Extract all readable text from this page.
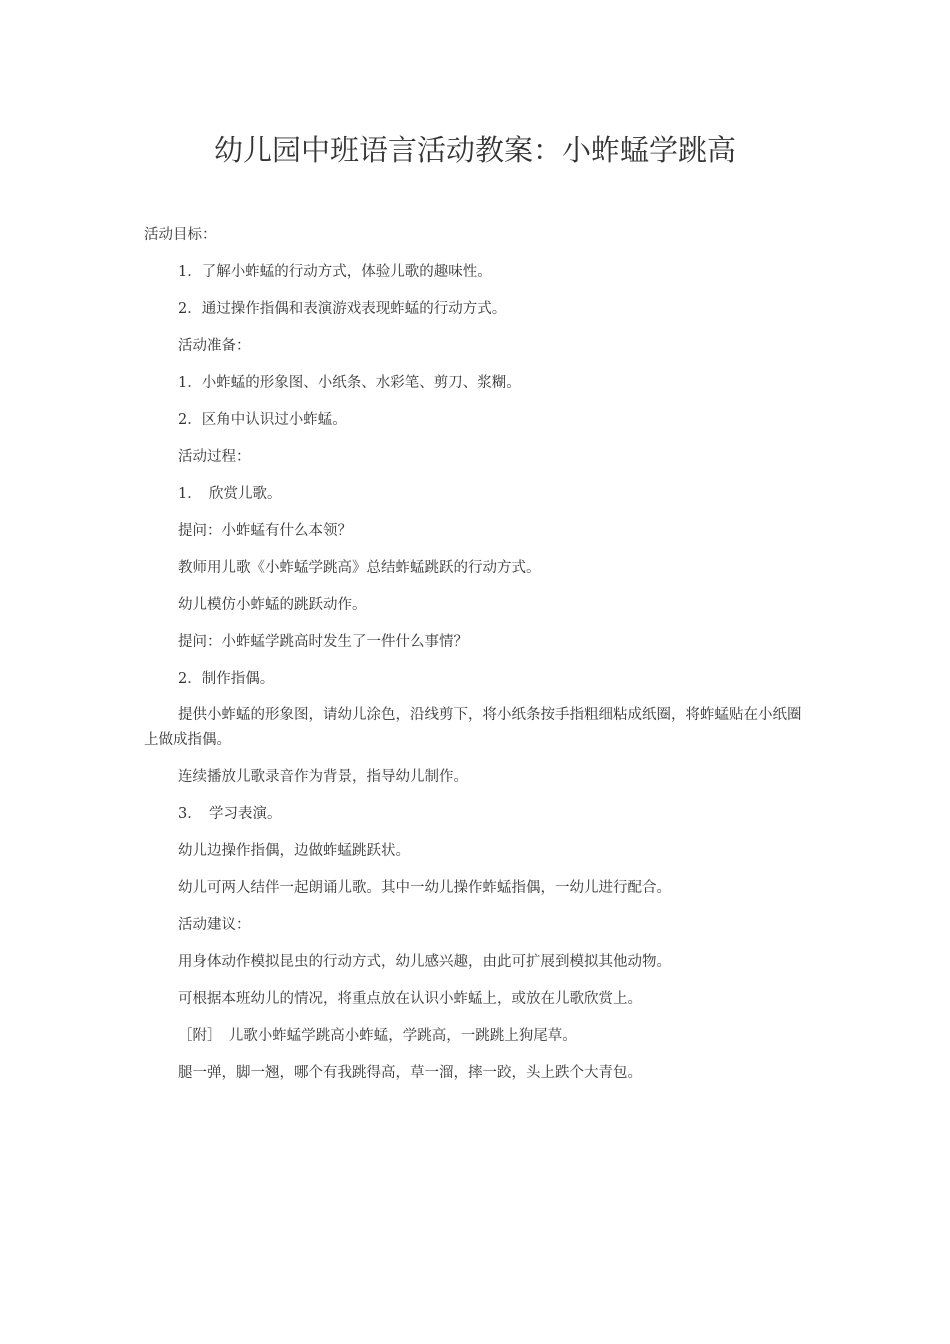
幼儿园中班语言活动教案：小蚱蜢学跳高

活动目标：

1．了解小蚱蜢的行动方式，体验儿歌的趣味性。

2．通过操作指偶和表演游戏表现蚱蜢的行动方式。

活动准备：

1．小蚱蜢的形象图、小纸条、水彩笔、剪刀、浆糊。

2．区角中认识过小蚱蜢。

活动过程：

1．　欣赏儿歌。

提问：小蚱蜢有什么本领？

教师用儿歌《小蚱蜢学跳高》总结蚱蜢跳跃的行动方式。

幼儿模仿小蚱蜢的跳跃动作。

提问：小蚱蜢学跳高时发生了一件什么事情？

2．制作指偶。

提供小蚱蜢的形象图，请幼儿涂色，沿线剪下，将小纸条按手指粗细粘成纸圈，将蚱蜢贴在小纸圈上做成指偶。

连续播放儿歌录音作为背景，指导幼儿制作。

3．　学习表演。

幼儿边操作指偶，边做蚱蜢跳跃状。

幼儿可两人结伴一起朗诵儿歌。其中一幼儿操作蚱蜢指偶，一幼儿进行配合。

活动建议：

用身体动作模拟昆虫的行动方式，幼儿感兴趣，由此可扩展到模拟其他动物。

可根据本班幼儿的情况，将重点放在认识小蚱蜢上，或放在儿歌欣赏上。

［附］　儿歌小蚱蜢学跳高小蚱蜢，学跳高，一跳跳上狗尾草。

腿一弹，脚一翘，哪个有我跳得高，草一溜，摔一跤，头上跌个大青包。
